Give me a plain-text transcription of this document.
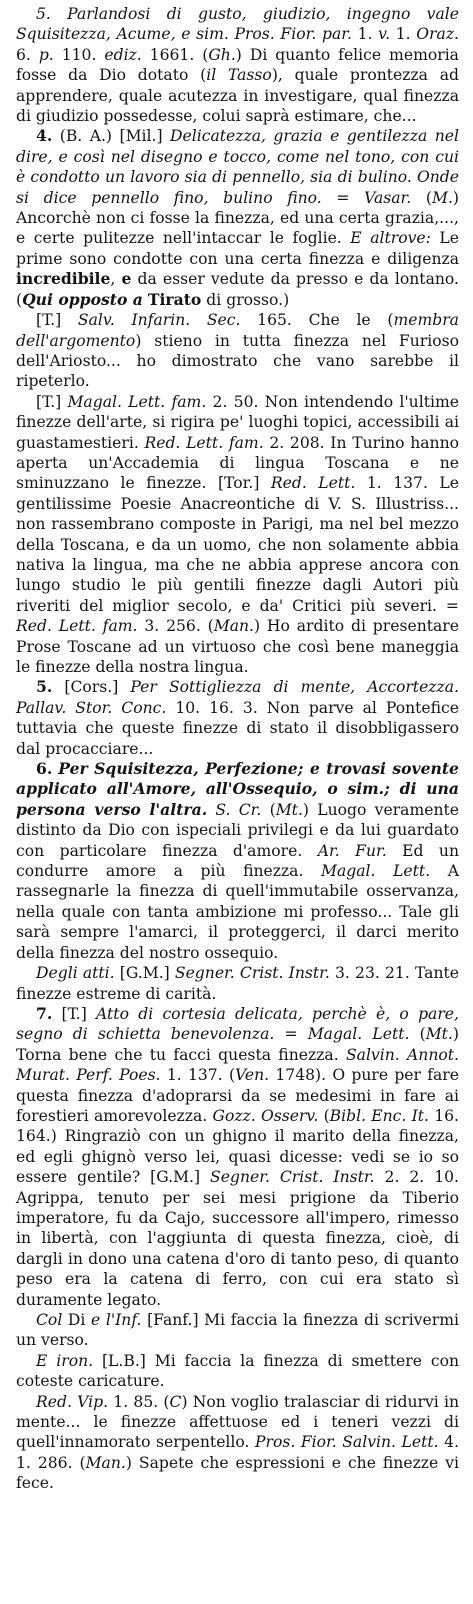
5. Parlandosi di gusto, giudizio, ingegno vale Squisitezza, Acume, e sim. Pros. Fior. par. 1. v. 1. Oraz. 6. p. 110. ediz. 1661. (Gh.) Di quanto felice memoria fosse da Dio dotato (il Tasso), quale prontezza ad apprendere, quale acutezza in investigare, qual finezza di giudizio possedesse, colui saprà estimare, che...

4. (B. A.) [Mil.] Delicatezza, grazia e gentilezza nel dire, e così nel disegno e tocco, come nel tono, con cui è condotto un lavoro sia di pennello, sia di bulino. Onde si dice pennello fino, bulino fino. = Vasar. (M.) Ancorchè non ci fosse la finezza, ed una certa grazia,..., e certe pulitezze nell'intaccar le foglie. E altrove: Le prime sono condotte con una certa finezza e diligenza incredibile, e da esser vedute da presso e da lontano. (Qui opposto a Tirato di grosso.)

[T.] Salv. Infarin. Sec. 165. Che le (membra dell'argomento) stieno in tutta finezza nel Furioso dell'Ariosto... ho dimostrato che vano sarebbe il ripeterlo.

[T.] Magal. Lett. fam. 2. 50. Non intendendo l'ultime finezze dell'arte, si rigira pe' luoghi topici, accessibili ai guastamestieri. Red. Lett. fam. 2. 208. In Turino hanno aperta un'Accademia di lingua Toscana e ne sminuzzano le finezze. [Tor.] Red. Lett. 1. 137. Le gentilissime Poesie Anacreontiche di V. S. Illustriss... non rassembrano composte in Parigi, ma nel bel mezzo della Toscana, e da un uomo, che non solamente abbia nativa la lingua, ma che ne abbia apprese ancora con lungo studio le più gentili finezze dagli Autori più riveriti del miglior secolo, e da' Critici più severi. = Red. Lett. fam. 3. 256. (Man.) Ho ardito di presentare Prose Toscane ad un virtuoso che così bene maneggia le finezze della nostra lingua.

5. [Cors.] Per Sottigliezza di mente, Accortezza. Pallav. Stor. Conc. 10. 16. 3. Non parve al Pontefice tuttavia che queste finezze di stato il disobbligassero dal procacciare...

6. Per Squisitezza, Perfezione; e trovasi sovente applicato all'Amore, all'Ossequio, o sim.; di una persona verso l'altra. S. Cr. (Mt.) Luogo veramente distinto da Dio con ispeciali privilegi e da lui guardato con particolare finezza d'amore. Ar. Fur. Ed un condurre amore a più finezza. Magal. Lett. A rassegnarle la finezza di quell'immutabile osservanza, nella quale con tanta ambizione mi professo... Tale gli sarà sempre l'amarci, il proteggerci, il darci merito della finezza del nostro ossequio.

Degli atti. [G.M.] Segner. Crist. Instr. 3. 23. 21. Tante finezze estreme di carità.

7. [T.] Atto di cortesia delicata, perchè è, o pare, segno di schietta benevolenza. = Magal. Lett. (Mt.) Torna bene che tu facci questa finezza. Salvin. Annot. Murat. Perf. Poes. 1. 137. (Ven. 1748). O pure per fare questa finezza d'adoprarsi da se medesimi in fare ai forestieri amorevolezza. Gozz. Osserv. (Bibl. Enc. It. 16. 164.) Ringraziò con un ghigno il marito della finezza, ed egli ghignò verso lei, quasi dicesse: vedi se io so essere gentile? [G.M.] Segner. Crist. Instr. 2. 2. 10. Agrippa, tenuto per sei mesi prigione da Tiberio imperatore, fu da Cajo, successore all'impero, rimesso in libertà, con l'aggiunta di questa finezza, cioè, di dargli in dono una catena d'oro di tanto peso, di quanto peso era la catena di ferro, con cui era stato sì duramente legato.

Col Di e l'Inf. [Fanf.] Mi faccia la finezza di scrivermi un verso.

E iron. [L.B.] Mi faccia la finezza di smettere con coteste caricature.

Red. Vip. 1. 85. (C) Non voglio tralasciar di ridurvi in mente... le finezze affettuose ed i teneri vezzi di quell'innamorato serpentello. Pros. Fior. Salvin. Lett. 4. 1. 286. (Man.) Sapete che espressioni e che finezze vi fece.
